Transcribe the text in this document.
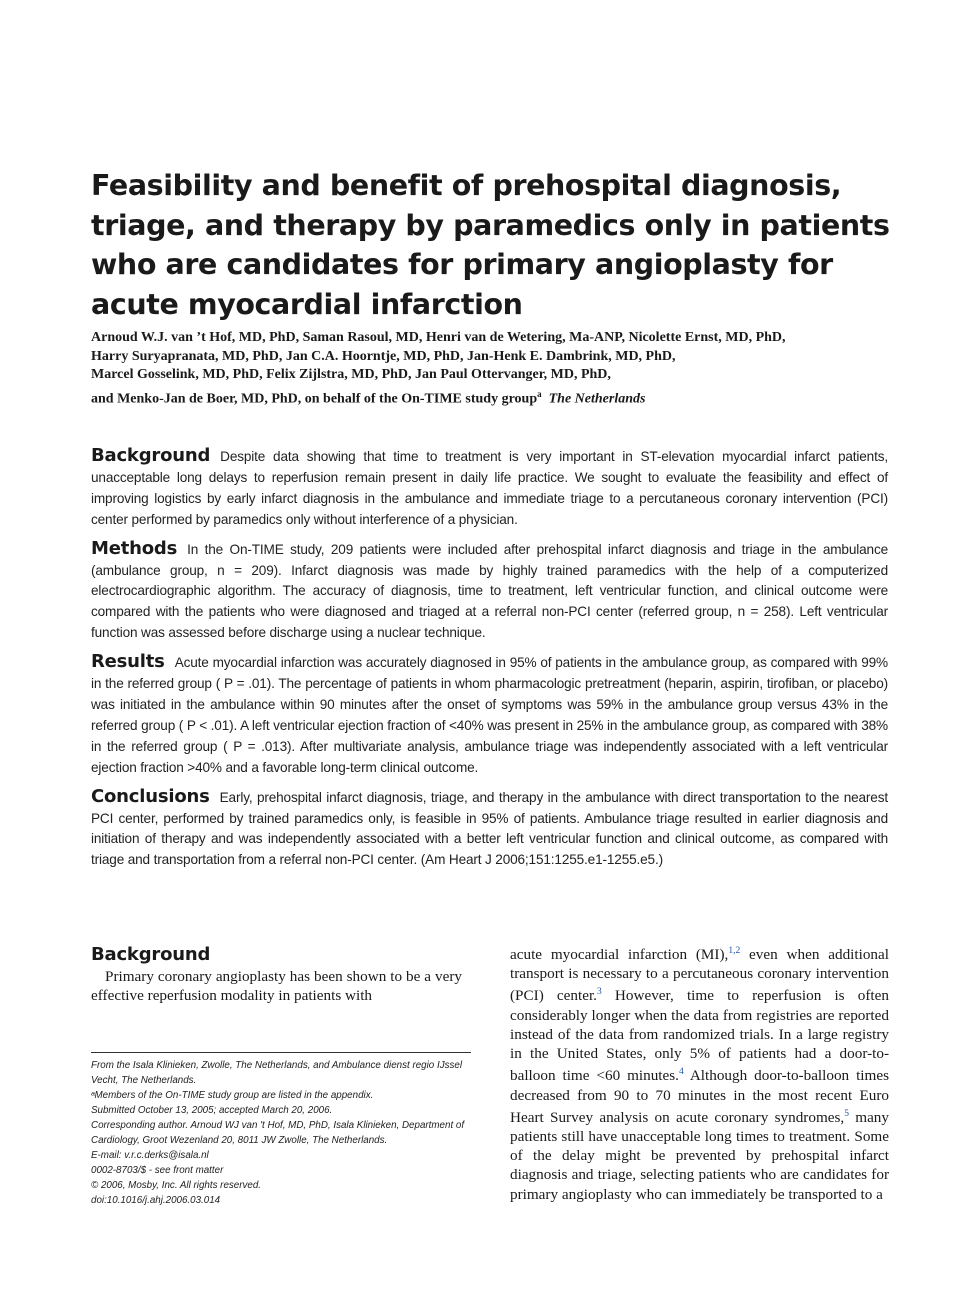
Feasibility and benefit of prehospital diagnosis, triage, and therapy by paramedics only in patients who are candidates for primary angioplasty for acute myocardial infarction
Arnoud W.J. van ’t Hof, MD, PhD, Saman Rasoul, MD, Henri van de Wetering, Ma-ANP, Nicolette Ernst, MD, PhD,
Harry Suryapranata, MD, PhD, Jan C.A. Hoorntje, MD, PhD, Jan-Henk E. Dambrink, MD, PhD,
Marcel Gosselink, MD, PhD, Felix Zijlstra, MD, PhD, Jan Paul Ottervanger, MD, PhD,
and Menko-Jan de Boer, MD, PhD, on behalf of the On-TIME study group$^a$ The Netherlands

Background Despite data showing that time to treatment is very important in ST-elevation myocardial infarct patients, unacceptable long delays to reperfusion remain present in daily life practice. We sought to evaluate the feasibility and effect of improving logistics by early infarct diagnosis in the ambulance and immediate triage to a percutaneous coronary intervention (PCI) center performed by paramedics only without interference of a physician.

Methods In the On-TIME study, 209 patients were included after prehospital infarct diagnosis and triage in the ambulance (ambulance group, n = 209). Infarct diagnosis was made by highly trained paramedics with the help of a computerized electrocardiographic algorithm. The accuracy of diagnosis, time to treatment, left ventricular function, and clinical outcome were compared with the patients who were diagnosed and triaged at a referral non-PCI center (referred group, n = 258). Left ventricular function was assessed before discharge using a nuclear technique.

Results Acute myocardial infarction was accurately diagnosed in 95% of patients in the ambulance group, as compared with 99% in the referred group ( P = .01). The percentage of patients in whom pharmacologic pretreatment (heparin, aspirin, tirofiban, or placebo) was initiated in the ambulance within 90 minutes after the onset of symptoms was 59% in the ambulance group versus 43% in the referred group ( P < .01). A left ventricular ejection fraction of <40% was present in 25% in the ambulance group, as compared with 38% in the referred group ( P = .013). After multivariate analysis, ambulance triage was independently associated with a left ventricular ejection fraction >40% and a favorable long-term clinical outcome.

Conclusions Early, prehospital infarct diagnosis, triage, and therapy in the ambulance with direct transportation to the nearest PCI center, performed by trained paramedics only, is feasible in 95% of patients. Ambulance triage resulted in earlier diagnosis and initiation of therapy and was independently associated with a better left ventricular function and clinical outcome, as compared with triage and transportation from a referral non-PCI center. (Am Heart J 2006;151:1255.e1-1255.e5.)

Background

Primary coronary angioplasty has been shown to be a very effective reperfusion modality in patients with

acute myocardial infarction (MI),$^{1,2}$ even when additional transport is necessary to a percutaneous coronary intervention (PCI) center.$^3$ However, time to reperfusion is often considerably longer when the data from registries are reported instead of the data from randomized trials. In a large registry in the United States, only 5% of patients had a door-to-balloon time <60 minutes.$^4$ Although door-to-balloon times decreased from 90 to 70 minutes in the most recent Euro Heart Survey analysis on acute coronary syndromes,$^5$ many patients still have unacceptable long times to treatment. Some of the delay might be prevented by prehospital infarct diagnosis and triage, selecting patients who are candidates for primary angioplasty who can immediately be transported to a

From the Isala Klinieken, Zwolle, The Netherlands, and Ambulance dienst regio IJssel Vecht, The Netherlands.
ᵃMembers of the On-TIME study group are listed in the appendix.
Submitted October 13, 2005; accepted March 20, 2006.
Corresponding author. Arnoud WJ van 't Hof, MD, PhD, Isala Klinieken, Department of Cardiology, Groot Wezenland 20, 8011 JW Zwolle, The Netherlands.
E-mail: v.r.c.derks@isala.nl
0002-8703/$ - see front matter
© 2006, Mosby, Inc. All rights reserved.
doi:10.1016/j.ahj.2006.03.014
